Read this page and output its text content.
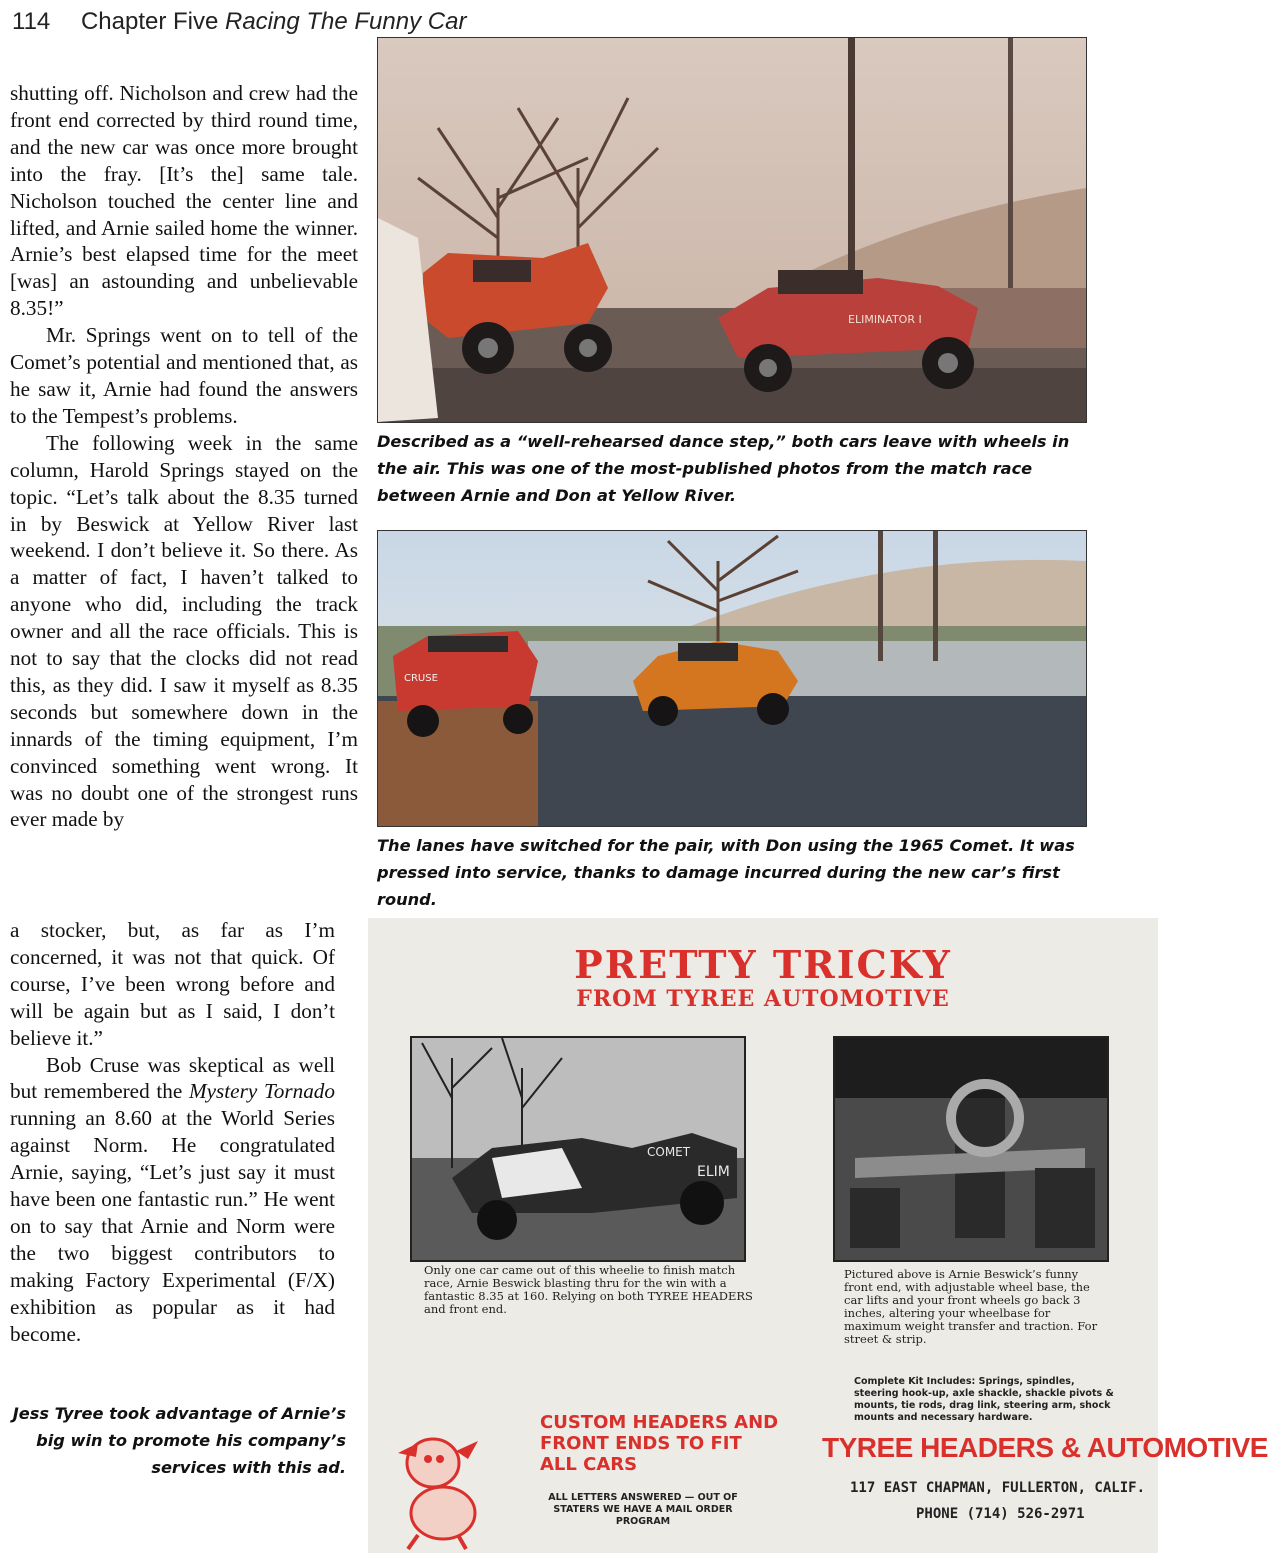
114 Chapter Five Racing The Funny Car

shutting off. Nicholson and crew had the front end corrected by third round time, and the new car was once more brought into the fray. [It’s the] same tale. Nicholson touched the center line and lifted, and Arnie sailed home the winner. Arnie’s best elapsed time for the meet [was] an astounding and unbelievable 8.35!”

Mr. Springs went on to tell of the Comet’s potential and mentioned that, as he saw it, Arnie had found the answers to the Tempest’s problems.

The following week in the same column, Harold Springs stayed on the topic. “Let’s talk about the 8.35 turned in by Beswick at Yellow River last weekend. I don’t believe it. So there. As a matter of fact, I haven’t talked to anyone who did, including the track owner and all the race officials. This is not to say that the clocks did not read this, as they did. I saw it myself as 8.35 seconds but somewhere down in the innards of the timing equipment, I’m convinced something went wrong. It was no doubt one of the strongest runs ever made by

a stocker, but, as far as I’m concerned, it was not that quick. Of course, I’ve been wrong before and will be again but as I said, I don’t believe it.”

Bob Cruse was skeptical as well but remembered the Mystery Tornado running an 8.60 at the World Series against Norm. He congratulated Arnie, saying, “Let’s just say it must have been one fantastic run.” He went on to say that Arnie and Norm were the two biggest contributors to making Factory Experimental (F/X) exhibition as popular as it had become.

ELIMINATOR I
Described as a “well-rehearsed dance step,” both cars leave with wheels in the air. This was one of the most-published photos from the match race between Arnie and Don at Yellow River.
CRUSE
The lanes have switched for the pair, with Don using the 1965 Comet. It was pressed into service, thanks to damage incurred during the new car’s first round.
PRETTY TRICKY
FROM TYREE AUTOMOTIVE
COMET
ELIM
Only one car came out of this wheelie to finish match race, Arnie Beswick blasting thru for the win with a fantastic 8.35 at 160. Relying on both TYREE HEADERS and front end.
Pictured above is Arnie Beswick’s funny front end, with adjustable wheel base, the car lifts and your front wheels go back 3 inches, altering your wheelbase for maximum weight transfer and traction. For street & strip.
Complete Kit Includes: Springs, spindles, steering hook-up, axle shackle, shackle pivots & mounts, tie rods, drag link, steering arm, shock mounts and necessary hardware.
CUSTOM HEADERS AND FRONT ENDS TO FIT ALL CARS
ALL LETTERS ANSWERED — OUT OF STATERS WE HAVE A MAIL ORDER PROGRAM
TYREE HEADERS & AUTOMOTIVE
117 EAST CHAPMAN, FULLERTON, CALIF.
PHONE (714) 526-2971
Jess Tyree took advantage of Arnie’s big win to promote his company’s services with this ad.
